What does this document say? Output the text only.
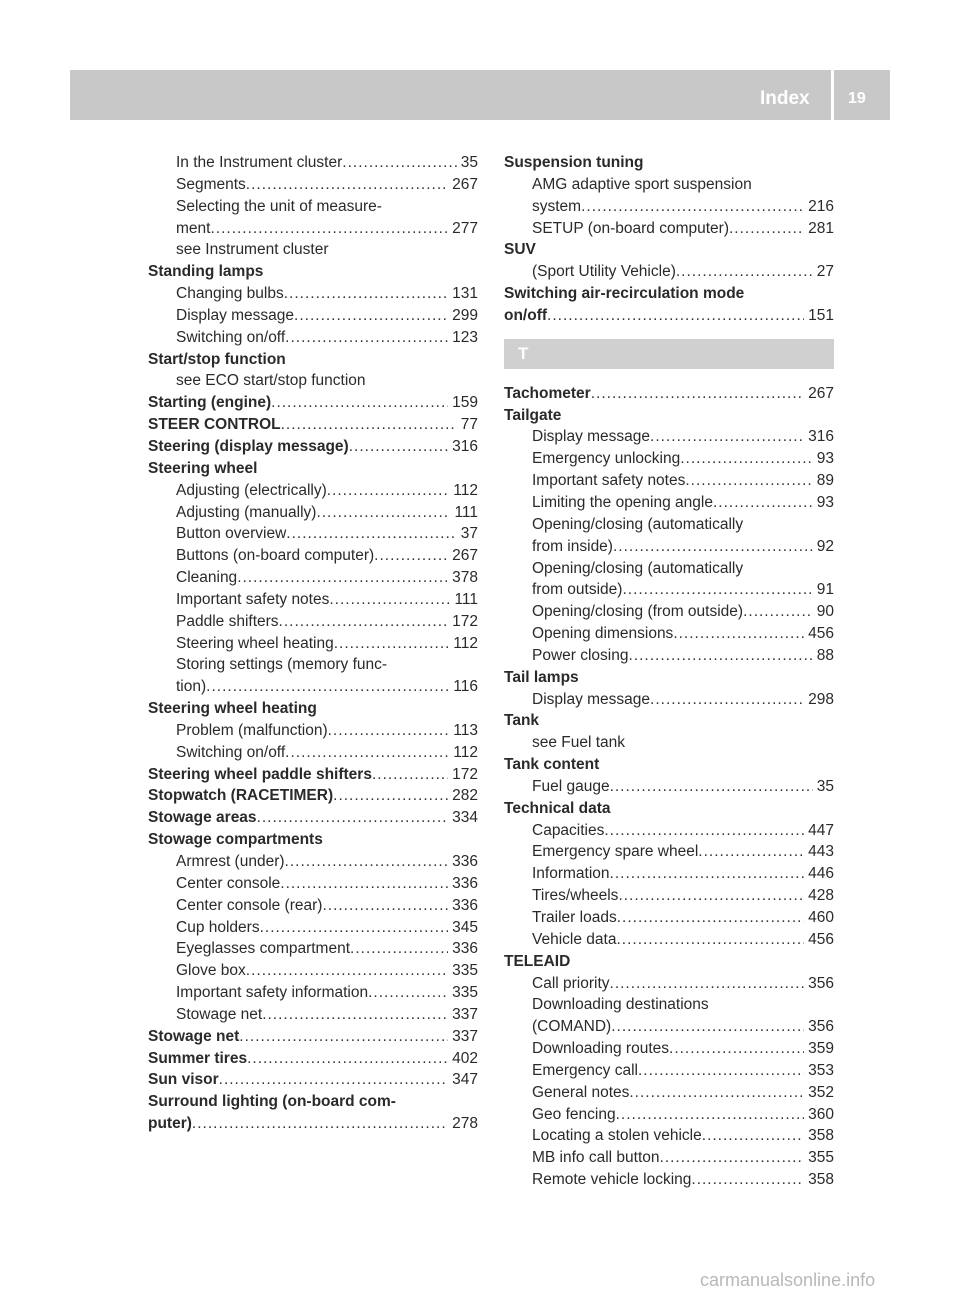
Index 19
In the Instrument cluster .....	35
Segments .....	267
Selecting the unit of measure-
ment .....	277
see Instrument cluster
Standing lamps
Changing bulbs .....	131
Display message .....	299
Switching on/off .....	123
Start/stop function
see ECO start/stop function
Starting (engine) .....	159
STEER CONTROL .....	77
Steering (display message) .....	316
Steering wheel
Adjusting (electrically) .....	112
Adjusting (manually) .....	111
Button overview .....	37
Buttons (on-board computer) .....	267
Cleaning .....	378
Important safety notes .....	111
Paddle shifters .....	172
Steering wheel heating .....	112
Storing settings (memory func-
tion) .....	116
Steering wheel heating
Problem (malfunction) .....	113
Switching on/off .....	112
Steering wheel paddle shifters .....	172
Stopwatch (RACETIMER) .....	282
Stowage areas .....	334
Stowage compartments
Armrest (under) .....	336
Center console .....	336
Center console (rear) .....	336
Cup holders .....	345
Eyeglasses compartment .....	336
Glove box .....	335
Important safety information .....	335
Stowage net .....	337
Stowage net .....	337
Summer tires .....	402
Sun visor .....	347
Surround lighting (on-board com-
puter) .....	278
Suspension tuning
AMG adaptive sport suspension
system .....	216
SETUP (on-board computer) .....	281
SUV
(Sport Utility Vehicle) .....	27
Switching air-recirculation mode
on/off .....	151
T
Tachometer .....	267
Tailgate
Display message .....	316
Emergency unlocking .....	93
Important safety notes .....	89
Limiting the opening angle .....	93
Opening/closing (automatically
from inside) .....	92
Opening/closing (automatically
from outside) .....	91
Opening/closing (from outside) .....	90
Opening dimensions .....	456
Power closing .....	88
Tail lamps
Display message .....	298
Tank
see Fuel tank
Tank content
Fuel gauge .....	35
Technical data
Capacities .....	447
Emergency spare wheel .....	443
Information .....	446
Tires/wheels .....	428
Trailer loads .....	460
Vehicle data .....	456
TELEAID
Call priority .....	356
Downloading destinations
(COMAND) .....	356
Downloading routes .....	359
Emergency call .....	353
General notes .....	352
Geo fencing .....	360
Locating a stolen vehicle .....	358
MB info call button .....	355
Remote vehicle locking .....	358
carmanualsonline.info
